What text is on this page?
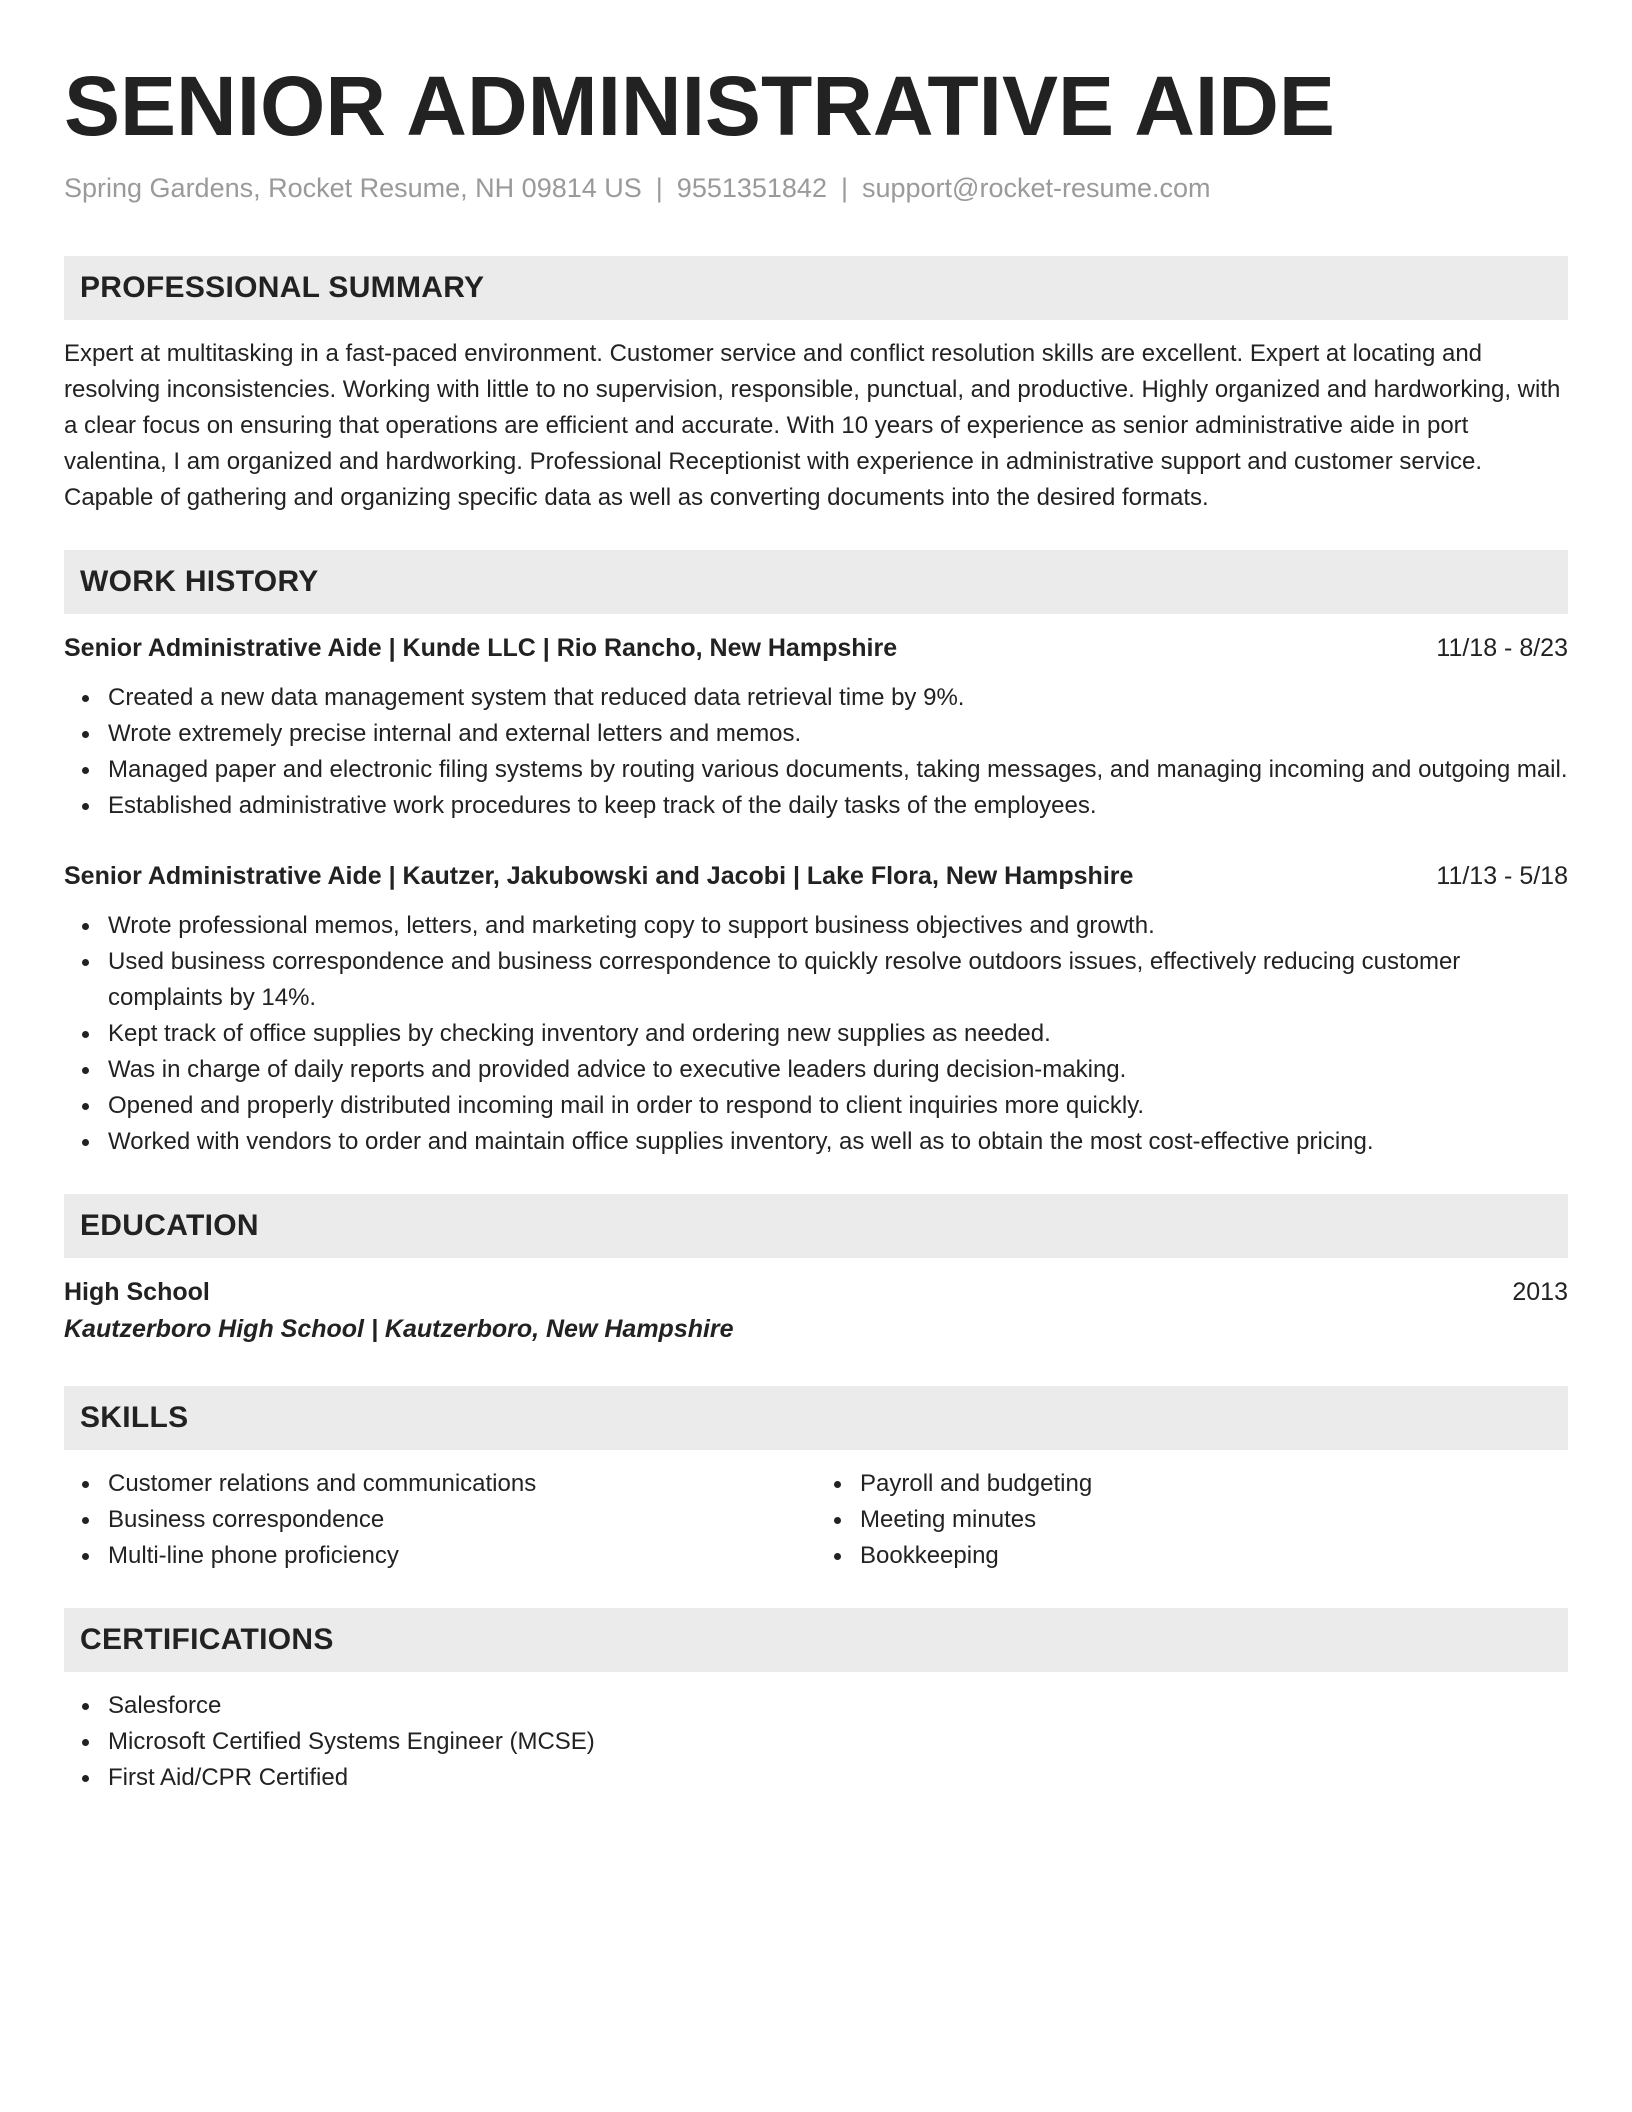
SENIOR ADMINISTRATIVE AIDE
Spring Gardens, Rocket Resume, NH 09814 US | 9551351842 | support@rocket-resume.com
PROFESSIONAL SUMMARY
Expert at multitasking in a fast-paced environment. Customer service and conflict resolution skills are excellent. Expert at locating and resolving inconsistencies. Working with little to no supervision, responsible, punctual, and productive. Highly organized and hardworking, with a clear focus on ensuring that operations are efficient and accurate. With 10 years of experience as senior administrative aide in port valentina, I am organized and hardworking. Professional Receptionist with experience in administrative support and customer service. Capable of gathering and organizing specific data as well as converting documents into the desired formats.
WORK HISTORY
Senior Administrative Aide | Kunde LLC | Rio Rancho, New Hampshire	11/18 - 8/23
Created a new data management system that reduced data retrieval time by 9%.
Wrote extremely precise internal and external letters and memos.
Managed paper and electronic filing systems by routing various documents, taking messages, and managing incoming and outgoing mail.
Established administrative work procedures to keep track of the daily tasks of the employees.
Senior Administrative Aide | Kautzer, Jakubowski and Jacobi | Lake Flora, New Hampshire	11/13 - 5/18
Wrote professional memos, letters, and marketing copy to support business objectives and growth.
Used business correspondence and business correspondence to quickly resolve outdoors issues, effectively reducing customer complaints by 14%.
Kept track of office supplies by checking inventory and ordering new supplies as needed.
Was in charge of daily reports and provided advice to executive leaders during decision-making.
Opened and properly distributed incoming mail in order to respond to client inquiries more quickly.
Worked with vendors to order and maintain office supplies inventory, as well as to obtain the most cost-effective pricing.
EDUCATION
High School	2013
Kautzerboro High School | Kautzerboro, New Hampshire
SKILLS
Customer relations and communications
Business correspondence
Multi-line phone proficiency
Payroll and budgeting
Meeting minutes
Bookkeeping
CERTIFICATIONS
Salesforce
Microsoft Certified Systems Engineer (MCSE)
First Aid/CPR Certified
